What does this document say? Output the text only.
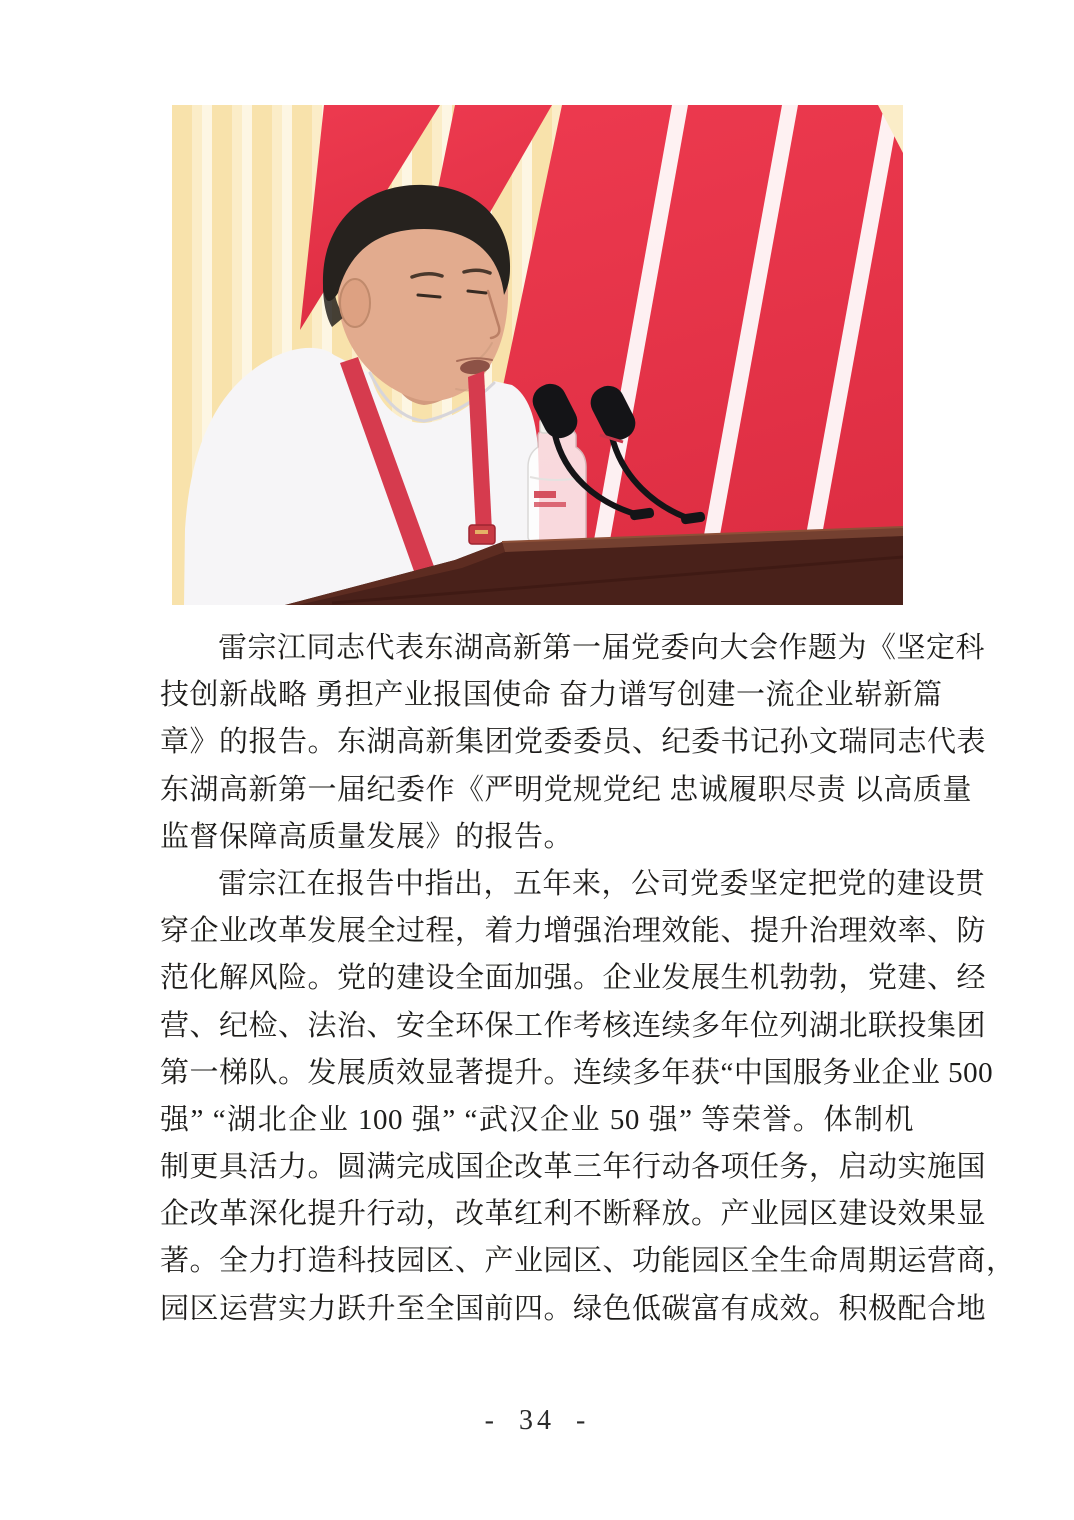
雷宗江同志代表东湖高新第一届党委向大会作题为《坚定科
技创新战略 勇担产业报国使命 奋力谱写创建一流企业崭新篇
章》的报告。东湖高新集团党委委员、纪委书记孙文瑞同志代表
东湖高新第一届纪委作《严明党规党纪 忠诚履职尽责 以高质量
监督保障高质量发展》的报告。
雷宗江在报告中指出，五年来，公司党委坚定把党的建设贯
穿企业改革发展全过程，着力增强治理效能、提升治理效率、防
范化解风险。党的建设全面加强。企业发展生机勃勃，党建、经
营、纪检、法治、安全环保工作考核连续多年位列湖北联投集团
第一梯队。发展质效显著提升。连续多年获“中国服务业企业 500
强” “湖北企业 100 强” “武汉企业 50 强” 等荣誉。体制机
制更具活力。圆满完成国企改革三年行动各项任务，启动实施国
企改革深化提升行动，改革红利不断释放。产业园区建设效果显
著。全力打造科技园区、产业园区、功能园区全生命周期运营商，
园区运营实力跃升至全国前四。绿色低碳富有成效。积极配合地
- 34 -
